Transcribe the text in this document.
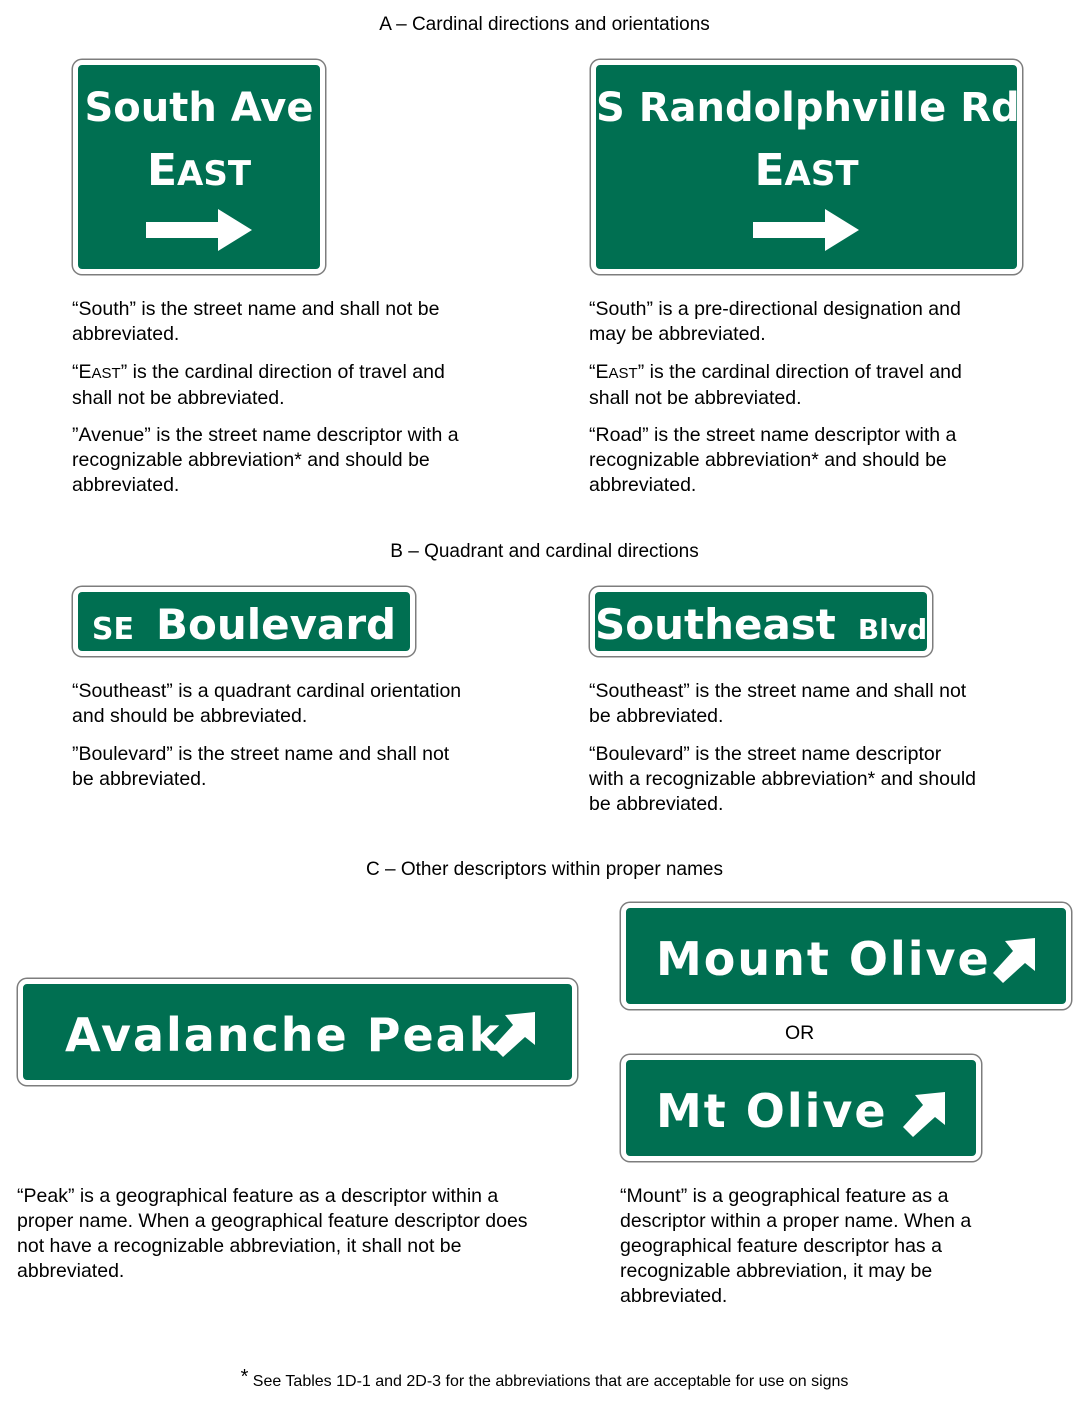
A – Cardinal directions and orientations
B – Quadrant and cardinal directions
C – Other descriptors within proper names
South Ave
EAST
S Randolphville Rd
EAST

“South” is the street name and shall not be abbreviated.

“EAST” is the cardinal direction of travel and shall not be abbreviated.

”Avenue” is the street name descriptor with a recognizable abbreviation* and should be abbreviated.

“South” is a pre-directional designation and may be abbreviated.

“EAST” is the cardinal direction of travel and shall not be abbreviated.

“Road” is the street name descriptor with a recognizable abbreviation* and should be abbreviated.

SE Boulevard	Southeast Blvd

“Southeast” is a quadrant cardinal orientation and should be abbreviated.

”Boulevard” is the street name and shall not be abbreviated.

“Southeast” is the street name and shall not be abbreviated.

“Boulevard” is the street name descriptor with a recognizable abbreviation* and should be abbreviated.

Avalanche Peak
Mount Olive
OR
Mt Olive

“Peak” is a geographical feature as a descriptor within a proper name. When a geographical feature descriptor does not have a recognizable abbreviation, it shall not be abbreviated.

“Mount” is a geographical feature as a descriptor within a proper name. When a geographical feature descriptor has a recognizable abbreviation, it may be abbreviated.

* See Tables 1D-1 and 2D-3 for the abbreviations that are acceptable for use on signs
